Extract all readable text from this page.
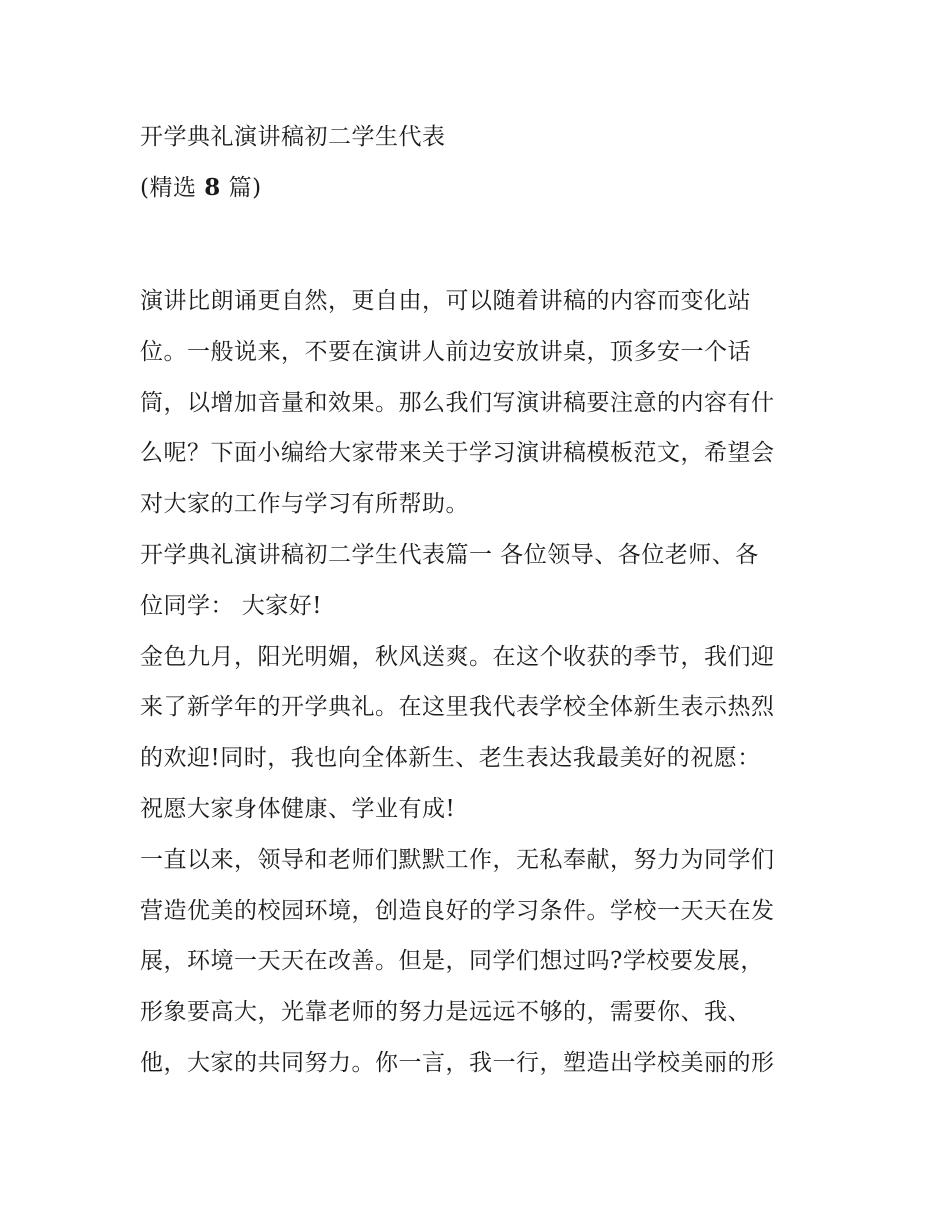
开学典礼演讲稿初二学生代表
(精选 8 篇)
演讲比朗诵更自然，更自由，可以随着讲稿的内容而变化站
位。一般说来，不要在演讲人前边安放讲桌，顶多安一个话
筒，以增加音量和效果。那么我们写演讲稿要注意的内容有什
么呢？下面小编给大家带来关于学习演讲稿模板范文，希望会
对大家的工作与学习有所帮助。
开学典礼演讲稿初二学生代表篇一 各位领导、各位老师、各
位同学： 大家好!
金色九月，阳光明媚，秋风送爽。在这个收获的季节，我们迎
来了新学年的开学典礼。在这里我代表学校全体新生表示热烈
的欢迎!同时，我也向全体新生、老生表达我最美好的祝愿：
祝愿大家身体健康、学业有成!
一直以来，领导和老师们默默工作，无私奉献，努力为同学们
营造优美的校园环境，创造良好的学习条件。学校一天天在发
展，环境一天天在改善。但是，同学们想过吗?学校要发展，
形象要高大，光靠老师的努力是远远不够的，需要你、我、
他，大家的共同努力。你一言，我一行，塑造出学校美丽的形
